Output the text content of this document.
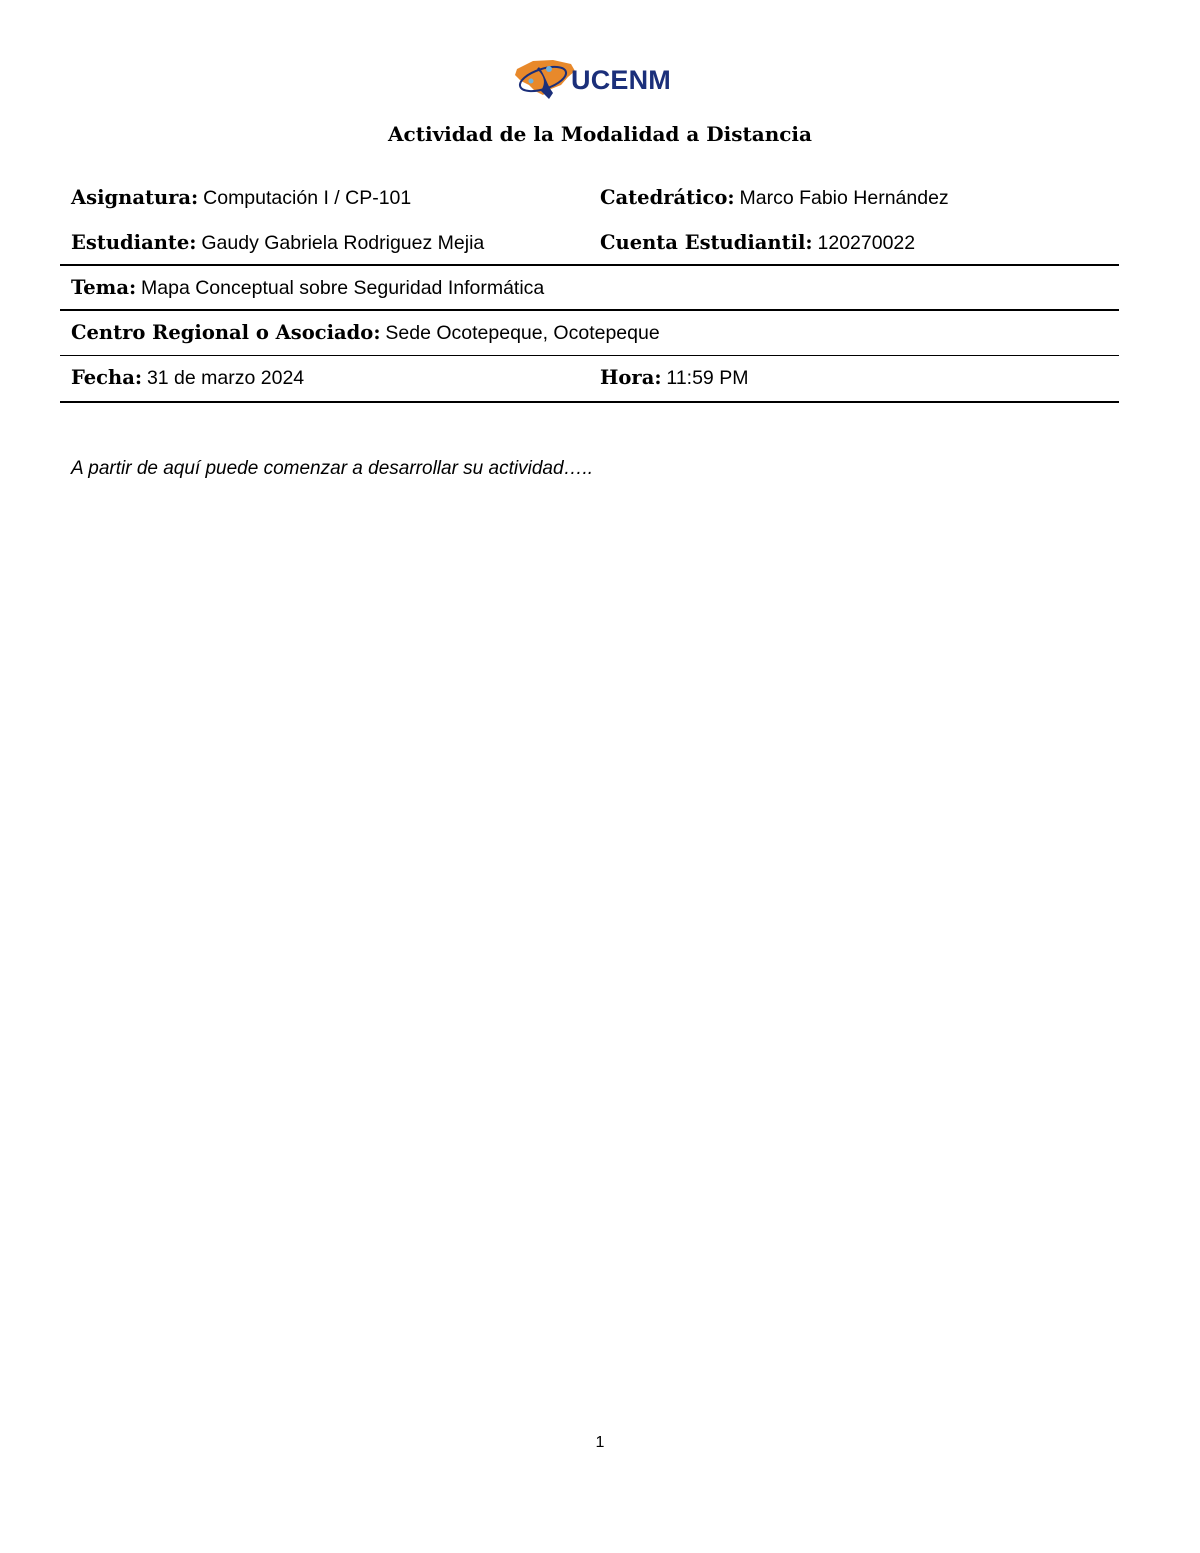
UCENM
Actividad de la Modalidad a Distancia
Asignatura: Computación I / CP-101	Catedrático: Marco Fabio Hernández
Estudiante: Gaudy Gabriela Rodriguez Mejia	Cuenta Estudiantil: 120270022
Tema: Mapa Conceptual sobre Seguridad Informática
Centro Regional o Asociado: Sede Ocotepeque, Ocotepeque
Fecha: 31 de marzo 2024	Hora: 11:59 PM
A partir de aquí puede comenzar a desarrollar su actividad…..
1
